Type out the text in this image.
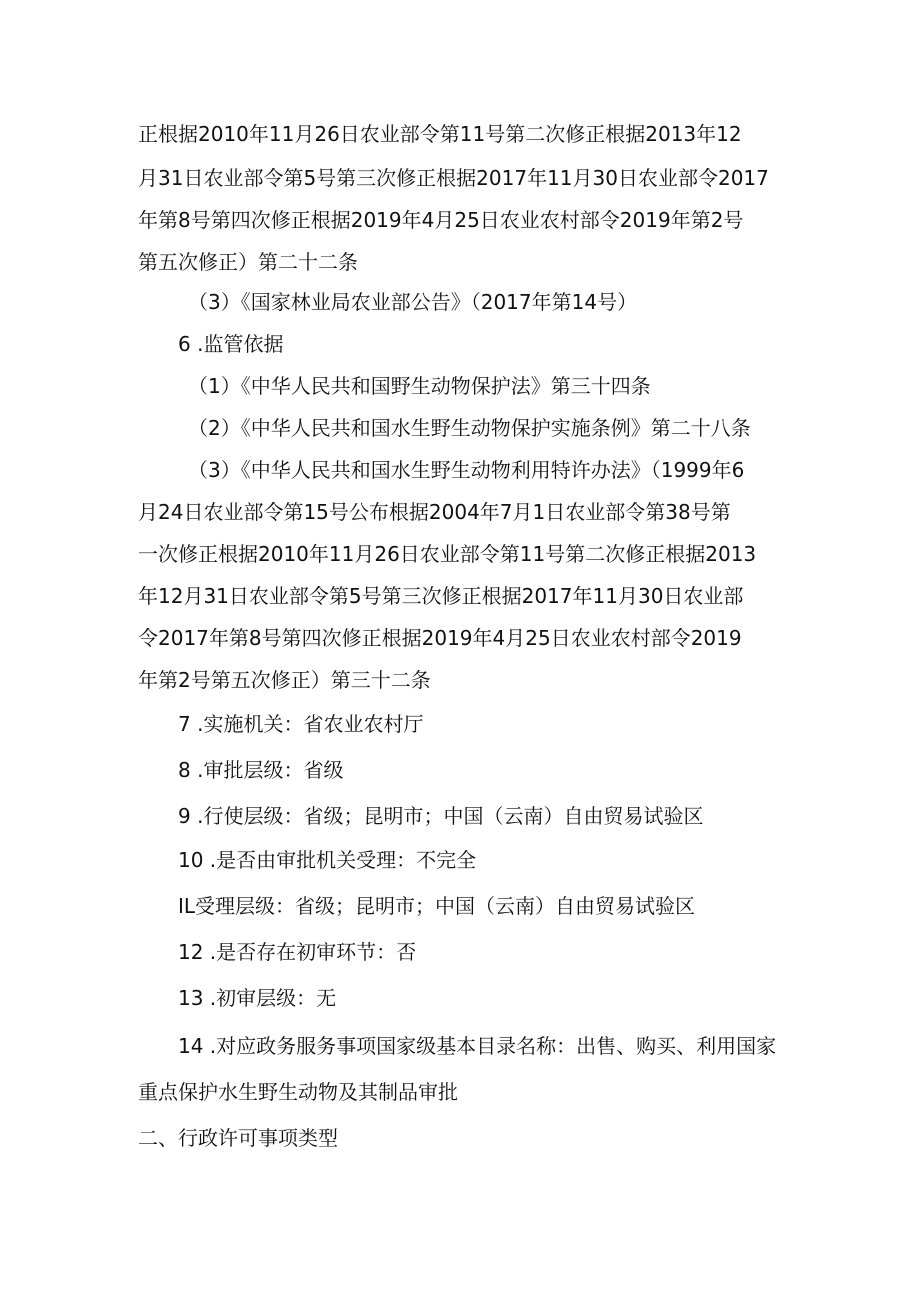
正根据2010年11月26日农业部令第11号第二次修正根据2013年12
月31日农业部令第5号第三次修正根据2017年11月30日农业部令2017
年第8号第四次修正根据2019年4月25日农业农村部令2019年第2号
第五次修正）第二十二条
（3）《国家林业局农业部公告》（2017年第14号）
6 .监管依据
（1）《中华人民共和国野生动物保护法》第三十四条
（2）《中华人民共和国水生野生动物保护实施条例》第二十八条
（3）《中华人民共和国水生野生动物利用特许办法》（1999年6
月24日农业部令第15号公布根据2004年7月1日农业部令第38号第
一次修正根据2010年11月26日农业部令第11号第二次修正根据2013
年12月31日农业部令第5号第三次修正根据2017年11月30日农业部
令2017年第8号第四次修正根据2019年4月25日农业农村部令2019
年第2号第五次修正）第三十二条
7 .实施机关：省农业农村厅
8 .审批层级：省级
9 .行使层级：省级；昆明市；中国（云南）自由贸易试验区
10 .是否由审批机关受理：不完全
IL受理层级：省级；昆明市；中国（云南）自由贸易试验区
12 .是否存在初审环节：否
13 .初审层级：无
14 .对应政务服务事项国家级基本目录名称：出售、购买、利用国家
重点保护水生野生动物及其制品审批
二、行政许可事项类型
